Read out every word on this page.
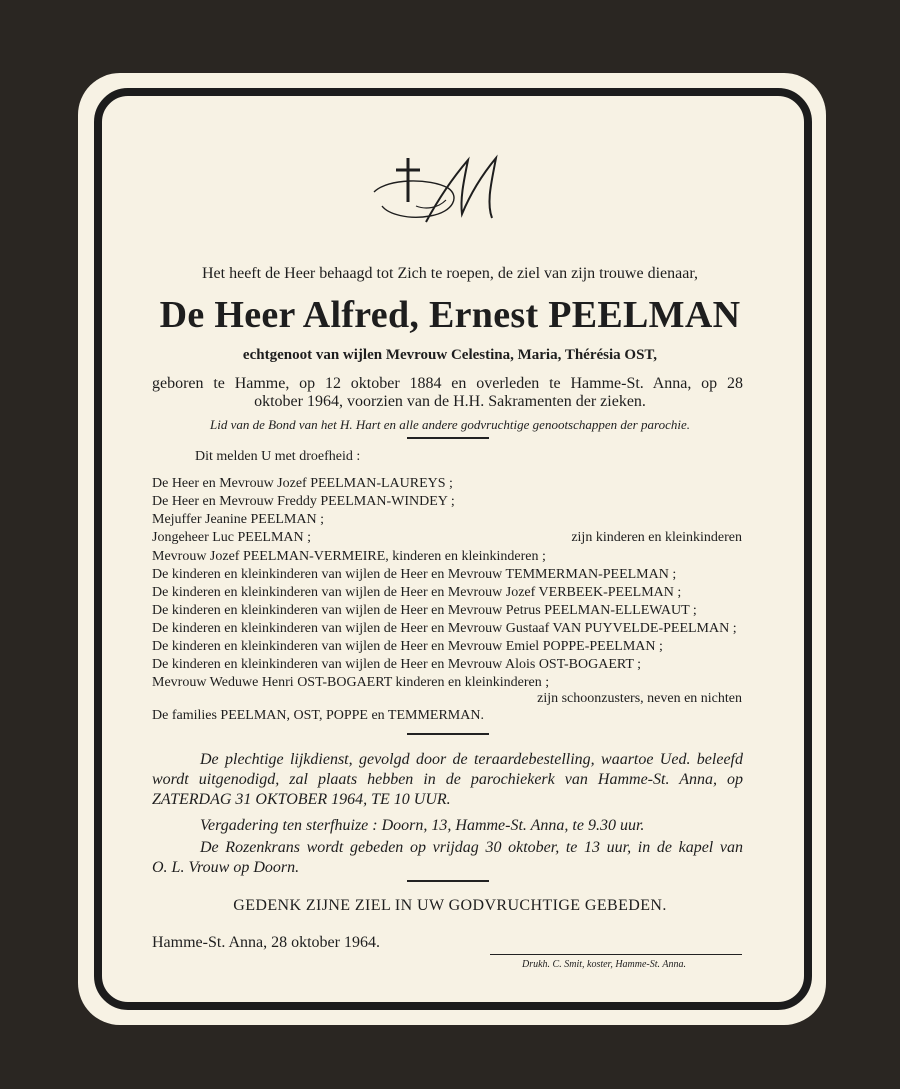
Het heeft de Heer behaagd tot Zich te roepen, de ziel van zijn trouwe dienaar,
De Heer Alfred, Ernest PEELMAN
echtgenoot van wijlen Mevrouw Celestina, Maria, Thérésia OST,
geboren te Hamme, op 12 oktober 1884 en overleden te Hamme-St. Anna, op 28
oktober 1964, voorzien van de H.H. Sakramenten der zieken.
Lid van de Bond van het H. Hart en alle andere godvruchtige genootschappen der parochie.
Dit melden U met droefheid :
De Heer en Mevrouw Jozef PEELMAN-LAUREYS ;
De Heer en Mevrouw Freddy PEELMAN-WINDEY ;
Mejuffer Jeanine PEELMAN ;
Jongeheer Luc PEELMAN ;	zijn kinderen en kleinkinderen
Mevrouw Jozef PEELMAN-VERMEIRE, kinderen en kleinkinderen ;
De kinderen en kleinkinderen van wijlen de Heer en Mevrouw TEMMERMAN-PEELMAN ;
De kinderen en kleinkinderen van wijlen de Heer en Mevrouw Jozef VERBEEK-PEELMAN ;
De kinderen en kleinkinderen van wijlen de Heer en Mevrouw Petrus PEELMAN-ELLEWAUT ;
De kinderen en kleinkinderen van wijlen de Heer en Mevrouw Gustaaf VAN PUYVELDE-PEELMAN ;
De kinderen en kleinkinderen van wijlen de Heer en Mevrouw Emiel POPPE-PEELMAN ;
De kinderen en kleinkinderen van wijlen de Heer en Mevrouw Alois OST-BOGAERT ;
Mevrouw Weduwe Henri OST-BOGAERT kinderen en kleinkinderen ;
zijn schoonzusters, neven en nichten
De families PEELMAN, OST, POPPE en TEMMERMAN.
De plechtige lijkdienst, gevolgd door de teraardebestelling, waartoe Ued. beleefd
wordt uitgenodigd, zal plaats hebben in de parochiekerk van Hamme-St. Anna, op
ZATERDAG 31 OKTOBER 1964, TE 10 UUR.
Vergadering ten sterfhuize : Doorn, 13, Hamme-St. Anna, te 9.30 uur.
De Rozenkrans wordt gebeden op vrijdag 30 oktober, te 13 uur, in de kapel van
O. L. Vrouw op Doorn.
GEDENK ZIJNE ZIEL IN UW GODVRUCHTIGE GEBEDEN.
Hamme-St. Anna, 28 oktober 1964.
Drukh. C. Smit, koster, Hamme-St. Anna.
